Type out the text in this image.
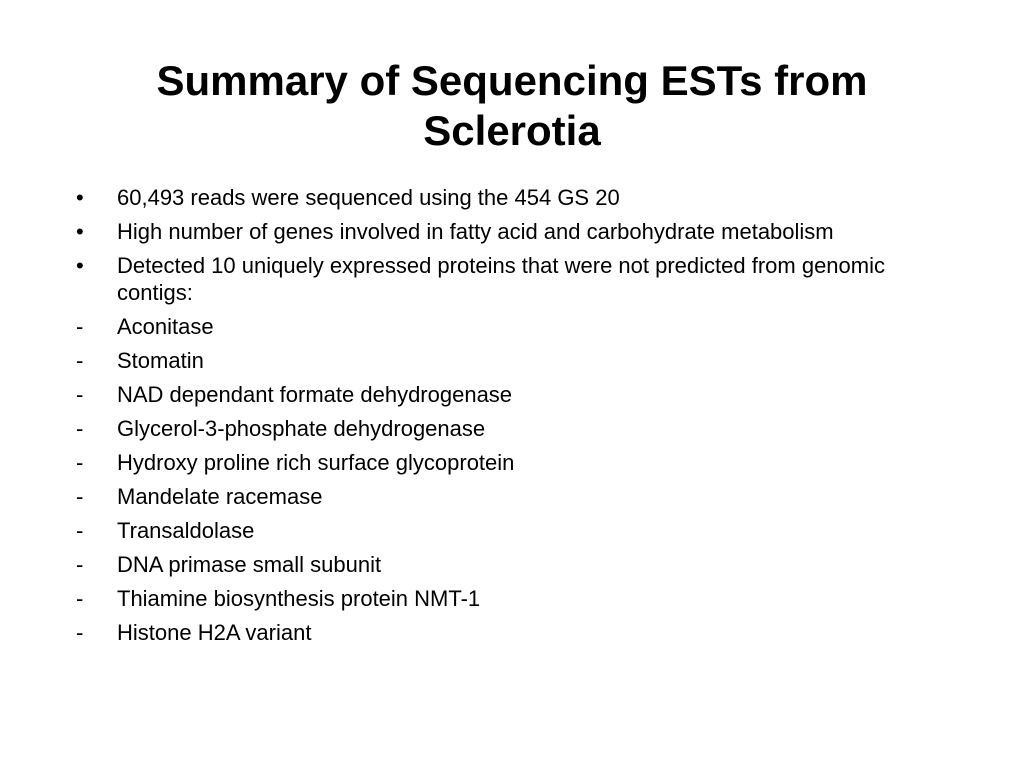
Summary of Sequencing ESTs from Sclerotia
•	60,493 reads were sequenced using the 454 GS 20
•	High number of genes involved in fatty acid and carbohydrate metabolism
•	Detected 10 uniquely expressed proteins that were not predicted from genomic contigs:
-	Aconitase
-	Stomatin
-	NAD dependant formate dehydrogenase
-	Glycerol-3-phosphate dehydrogenase
-	Hydroxy proline rich surface glycoprotein
-	Mandelate racemase
-	Transaldolase
-	DNA primase small subunit
-	Thiamine biosynthesis protein NMT-1
-	Histone H2A variant
